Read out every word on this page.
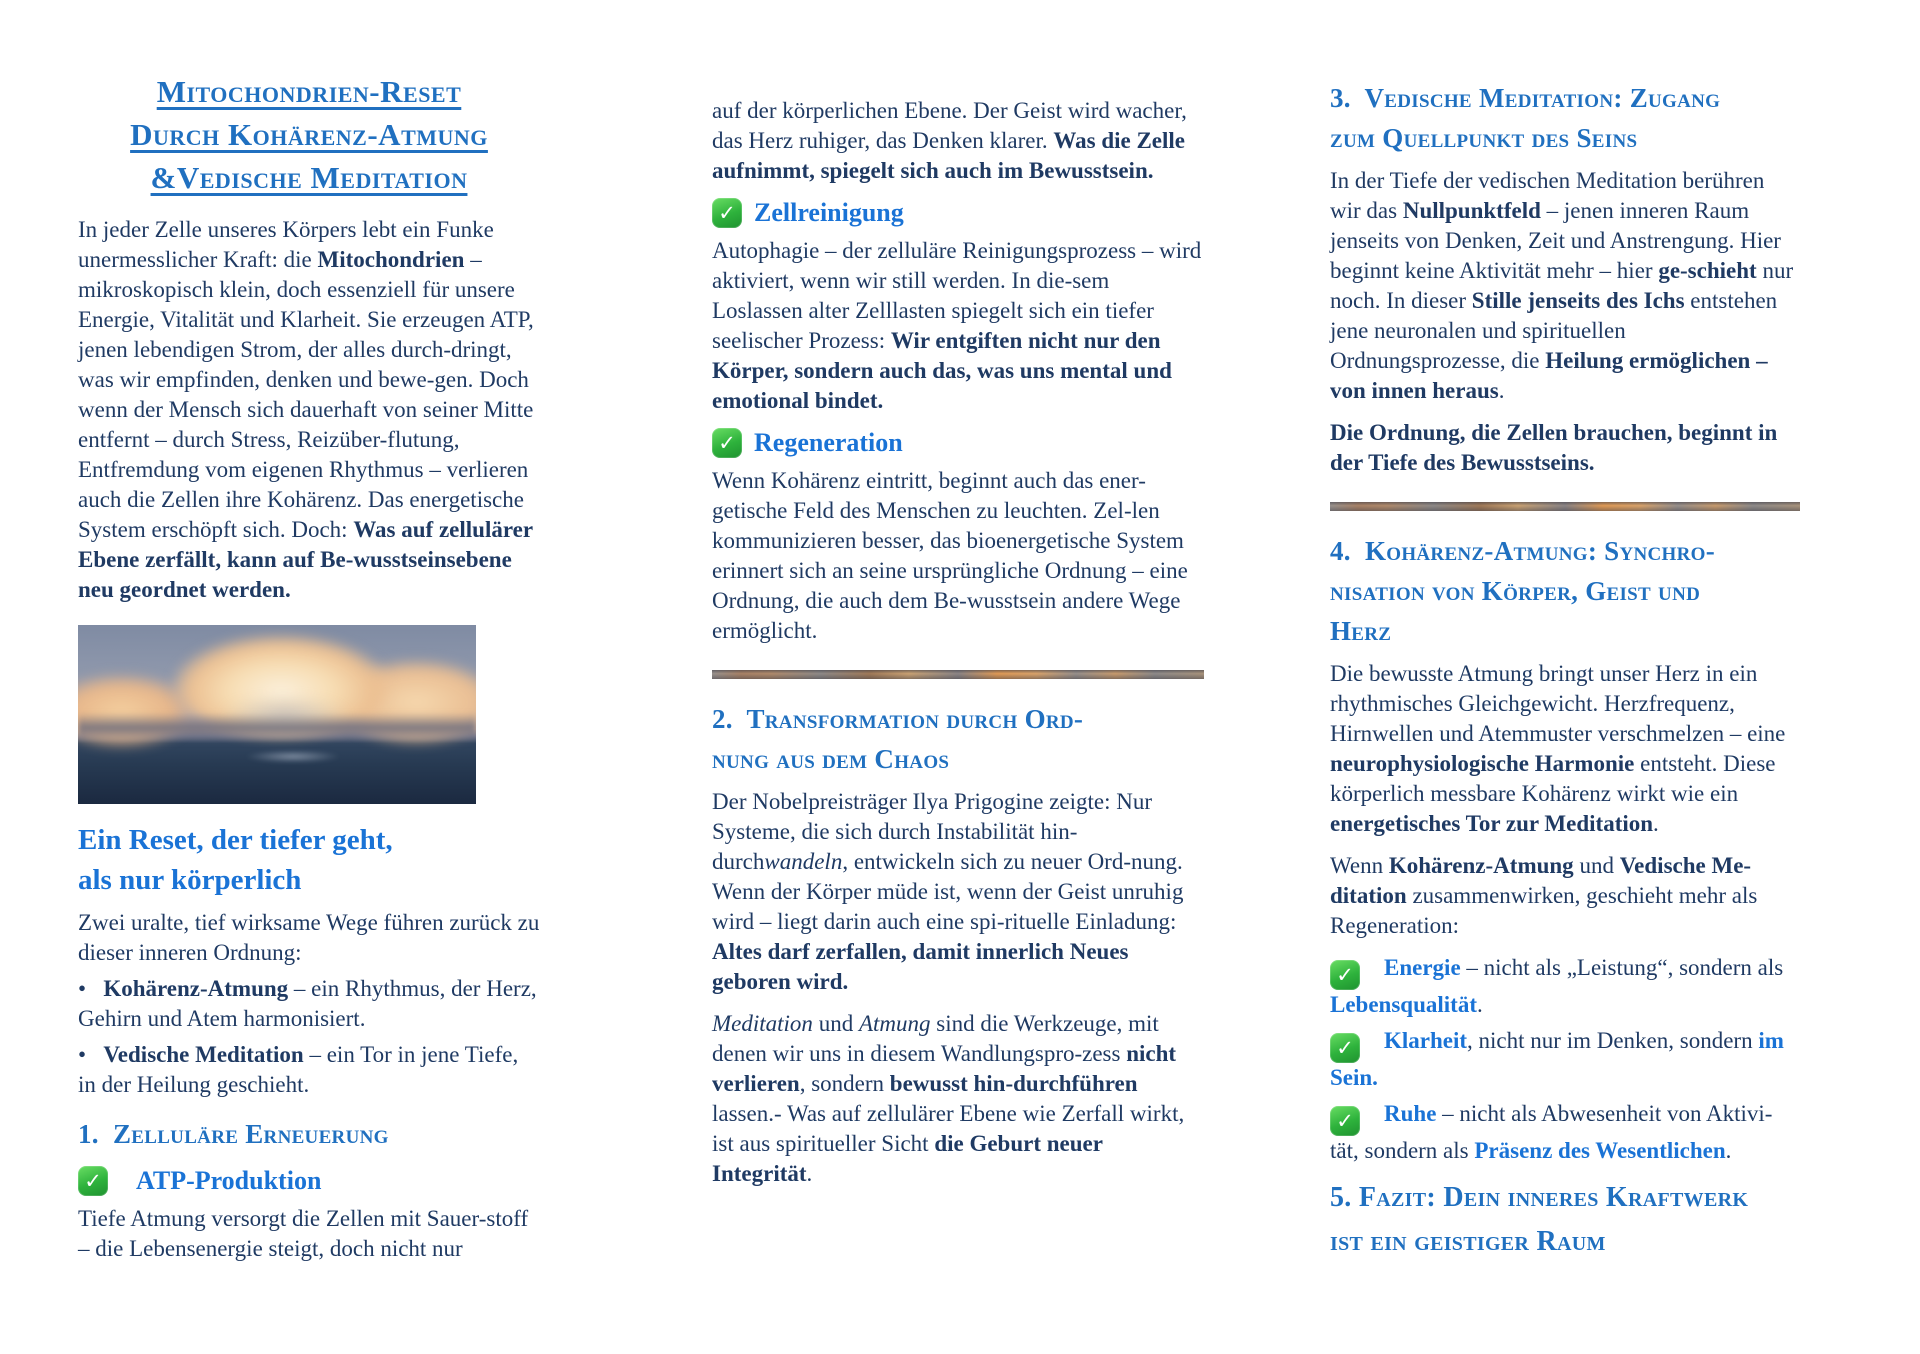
Mitochondrien-Reset
Durch Kohärenz-Atmung
&Vedische Meditation

In jeder Zelle unseres Körpers lebt ein Funke unermesslicher Kraft: die Mitochondrien – mikroskopisch klein, doch essenziell für unsere Energie, Vitalität und Klarheit. Sie erzeugen ATP, jenen lebendigen Strom, der alles durch-dringt, was wir empfinden, denken und bewe-gen. Doch wenn der Mensch sich dauerhaft von seiner Mitte entfernt – durch Stress, Reizüber-flutung, Entfremdung vom eigenen Rhythmus – verlieren auch die Zellen ihre Kohärenz. Das energetische System erschöpft sich. Doch: Was auf zellulärer Ebene zerfällt, kann auf Be-wusstseinsebene neu geordnet werden.

Ein Reset, der tiefer geht,
als nur körperlich

Zwei uralte, tief wirksame Wege führen zurück zu dieser inneren Ordnung:

•   Kohärenz-Atmung – ein Rhythmus, der Herz, Gehirn und Atem harmonisiert.

•   Vedische Meditation – ein Tor in jene Tiefe, in der Heilung geschieht.

1.  Zelluläre Erneuerung
✓ ATP-Produktion

Tiefe Atmung versorgt die Zellen mit Sauer-stoff – die Lebensenergie steigt, doch nicht nur

auf der körperlichen Ebene. Der Geist wird wacher, das Herz ruhiger, das Denken klarer. Was die Zelle aufnimmt, spiegelt sich auch im Bewusstsein.

✓ Zellreinigung

Autophagie – der zelluläre Reinigungsprozess – wird aktiviert, wenn wir still werden. In die-sem Loslassen alter Zelllasten spiegelt sich ein tiefer seelischer Prozess: Wir entgiften nicht nur den Körper, sondern auch das, was uns mental und emotional bindet.

✓ Regeneration

Wenn Kohärenz eintritt, beginnt auch das ener-getische Feld des Menschen zu leuchten. Zel-len kommunizieren besser, das bioenergetische System erinnert sich an seine ursprüngliche Ordnung – eine Ordnung, die auch dem Be-wusstsein andere Wege ermöglicht.

2.  Transformation durch Ord-
nung aus dem Chaos

Der Nobelpreisträger Ilya Prigogine zeigte: Nur Systeme, die sich durch Instabilität hin-durchwandeln, entwickeln sich zu neuer Ord-nung. Wenn der Körper müde ist, wenn der Geist unruhig wird – liegt darin auch eine spi-rituelle Einladung: Altes darf zerfallen, damit innerlich Neues geboren wird.

Meditation und Atmung sind die Werkzeuge, mit denen wir uns in diesem Wandlungspro-zess nicht verlieren, sondern bewusst hin-durchführen lassen.- Was auf zellulärer Ebene wie Zerfall wirkt, ist aus spiritueller Sicht die Geburt neuer Integrität.

3.  Vedische Meditation: Zugang
zum Quellpunkt des Seins

In der Tiefe der vedischen Meditation berühren wir das Nullpunktfeld – jenen inneren Raum jenseits von Denken, Zeit und Anstrengung. Hier beginnt keine Aktivität mehr – hier ge-schieht nur noch. In dieser Stille jenseits des Ichs entstehen jene neuronalen und spirituellen Ordnungsprozesse, die Heilung ermöglichen – von innen heraus.

Die Ordnung, die Zellen brauchen, beginnt in der Tiefe des Bewusstseins.

4.  Kohärenz-Atmung: Synchro-
nisation von Körper, Geist und
Herz

Die bewusste Atmung bringt unser Herz in ein rhythmisches Gleichgewicht. Herzfrequenz, Hirnwellen und Atemmuster verschmelzen – eine neurophysiologische Harmonie entsteht. Diese körperlich messbare Kohärenz wirkt wie ein energetisches Tor zur Meditation.

Wenn Kohärenz-Atmung und Vedische Me-ditation zusammenwirken, geschieht mehr als Regeneration:

✓ Energie – nicht als „Leistung“, sondern als Lebensqualität.

✓ Klarheit, nicht nur im Denken, sondern im Sein.

✓ Ruhe – nicht als Abwesenheit von Aktivi-tät, sondern als Präsenz des Wesentlichen.

5. Fazit: Dein inneres Kraftwerk
ist ein geistiger Raum
